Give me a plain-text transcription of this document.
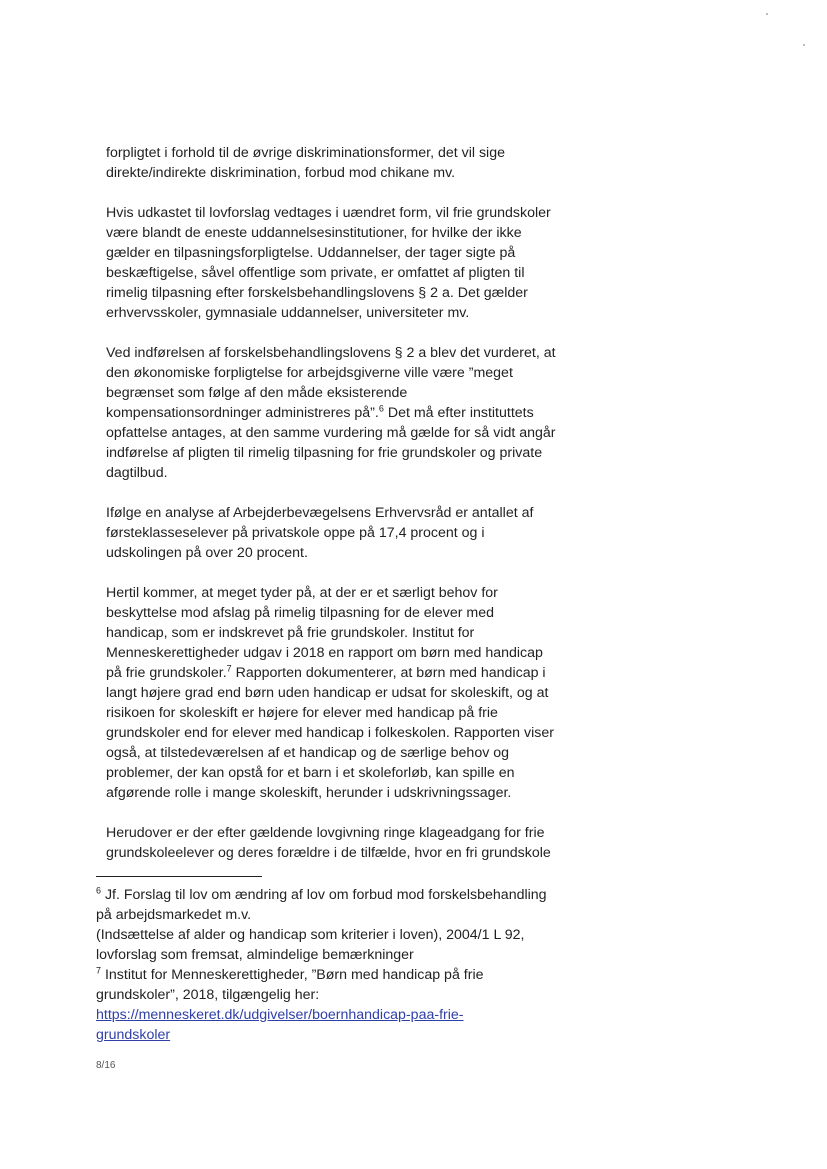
forpligtet i forhold til de øvrige diskriminationsformer, det vil sige
direkte/indirekte diskrimination, forbud mod chikane mv.

Hvis udkastet til lovforslag vedtages i uændret form, vil frie grundskoler
være blandt de eneste uddannelsesinstitutioner, for hvilke der ikke
gælder en tilpasningsforpligtelse. Uddannelser, der tager sigte på
beskæftigelse, såvel offentlige som private, er omfattet af pligten til
rimelig tilpasning efter forskelsbehandlingslovens § 2 a. Det gælder
erhvervsskoler, gymnasiale uddannelser, universiteter mv.

Ved indførelsen af forskelsbehandlingslovens § 2 a blev det vurderet, at
den økonomiske forpligtelse for arbejdsgiverne ville være ”meget
begrænset som følge af den måde eksisterende
kompensationsordninger administreres på”.$^6$ Det må efter instituttets
opfattelse antages, at den samme vurdering må gælde for så vidt angår
indførelse af pligten til rimelig tilpasning for frie grundskoler og private
dagtilbud.

Ifølge en analyse af Arbejderbevægelsens Erhvervsråd er antallet af
førsteklasseselever på privatskole oppe på 17,4 procent og i
udskolingen på over 20 procent.

Hertil kommer, at meget tyder på, at der er et særligt behov for
beskyttelse mod afslag på rimelig tilpasning for de elever med
handicap, som er indskrevet på frie grundskoler. Institut for
Menneskerettigheder udgav i 2018 en rapport om børn med handicap
på frie grundskoler.$^7$ Rapporten dokumenterer, at børn med handicap i
langt højere grad end børn uden handicap er udsat for skoleskift, og at
risikoen for skoleskift er højere for elever med handicap på frie
grundskoler end for elever med handicap i folkeskolen. Rapporten viser
også, at tilstedeværelsen af et handicap og de særlige behov og
problemer, der kan opstå for et barn i et skoleforløb, kan spille en
afgørende rolle i mange skoleskift, herunder i udskrivningssager.

Herudover er der efter gældende lovgivning ringe klageadgang for frie
grundskoleelever og deres forældre i de tilfælde, hvor en fri grundskole

$^6$ Jf. Forslag til lov om ændring af lov om forbud mod forskelsbehandling
på arbejdsmarkedet m.v.
(Indsættelse af alder og handicap som kriterier i loven), 2004/1 L 92,
lovforslag som fremsat, almindelige bemærkninger
$^7$ Institut for Menneskerettigheder, ”Børn med handicap på frie
grundskoler”, 2018, tilgængelig her:
https://menneskeret.dk/udgivelser/boernhandicap-paa-frie-
grundskoler
8/16
